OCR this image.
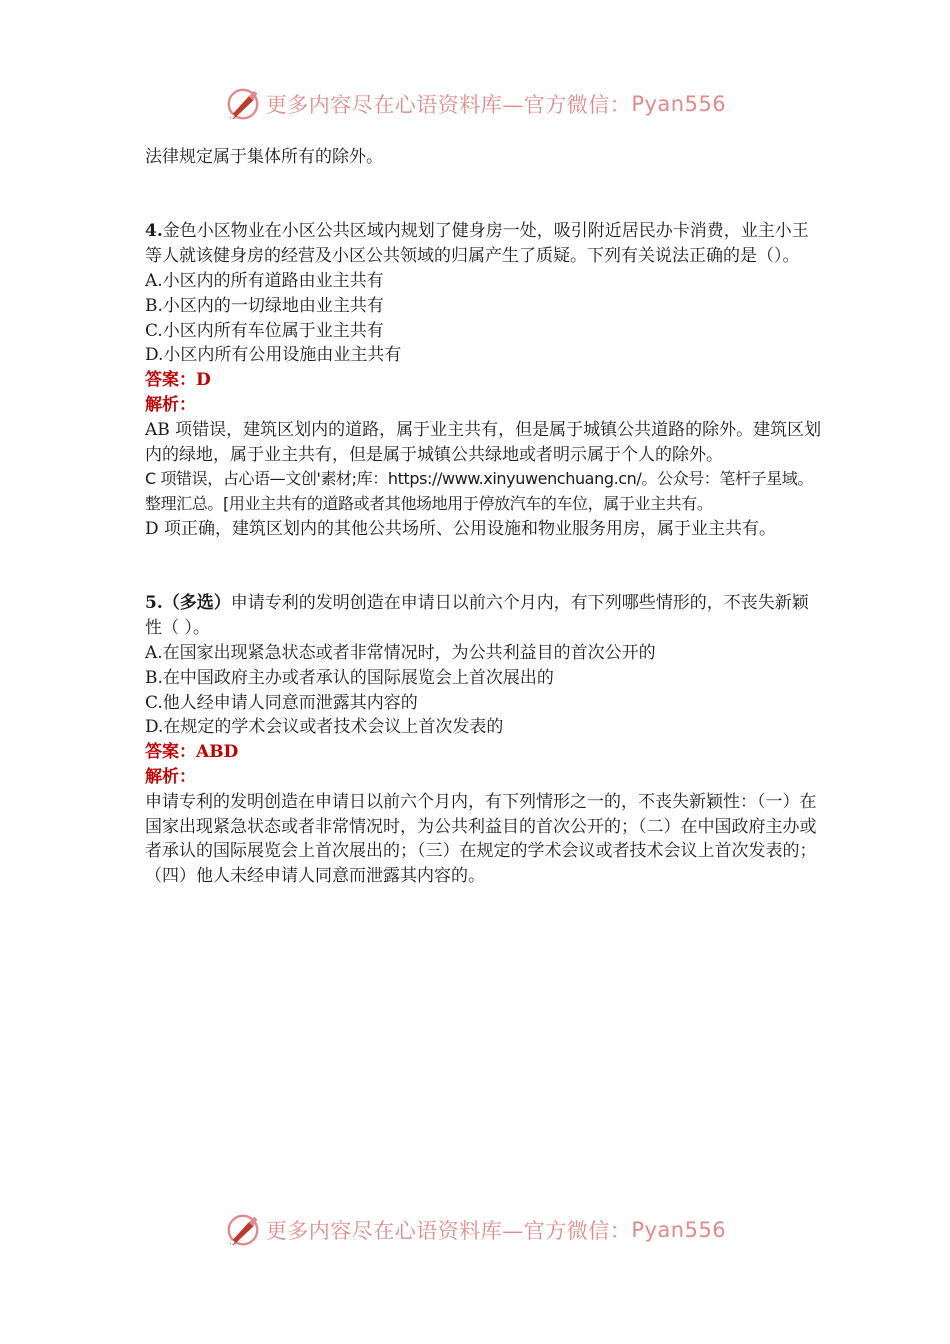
更多内容尽在心语资料库—官方微信： Pyan556

法律规定属于集体所有的除外。

4.金色小区物业在小区公共区域内规划了健身房一处，吸引附近居民办卡消费，业主小王等人就该健身房的经营及小区公共领域的归属产生了质疑。下列有关说法正确的是（）。

A.小区内的所有道路由业主共有

B.小区内的一切绿地由业主共有

C.小区内所有车位属于业主共有

D.小区内所有公用设施由业主共有

答案：D

解析：

AB 项错误，建筑区划内的道路，属于业主共有，但是属于城镇公共道路的除外。建筑区划内的绿地，属于业主共有，但是属于城镇公共绿地或者明示属于个人的除外。

C 项错误，占心语—文创'素材;库：https://www.xinyuwenchuang.cn/。公众号：笔杆子星域。整理汇总。[用业主共有的道路或者其他场地用于停放汽车的车位，属于业主共有。

D 项正确，建筑区划内的其他公共场所、公用设施和物业服务用房，属于业主共有。

5.（多选）申请专利的发明创造在申请日以前六个月内，有下列哪些情形的，不丧失新颖性（ ）。

A.在国家出现紧急状态或者非常情况时，为公共利益目的首次公开的

B.在中国政府主办或者承认的国际展览会上首次展出的

C.他人经申请人同意而泄露其内容的

D.在规定的学术会议或者技术会议上首次发表的

答案：ABD

解析：

申请专利的发明创造在申请日以前六个月内，有下列情形之一的，不丧失新颖性：（一）在国家出现紧急状态或者非常情况时，为公共利益目的首次公开的；（二）在中国政府主办或者承认的国际展览会上首次展出的；（三）在规定的学术会议或者技术会议上首次发表的；（四）他人未经申请人同意而泄露其内容的。

更多内容尽在心语资料库—官方微信： Pyan556
